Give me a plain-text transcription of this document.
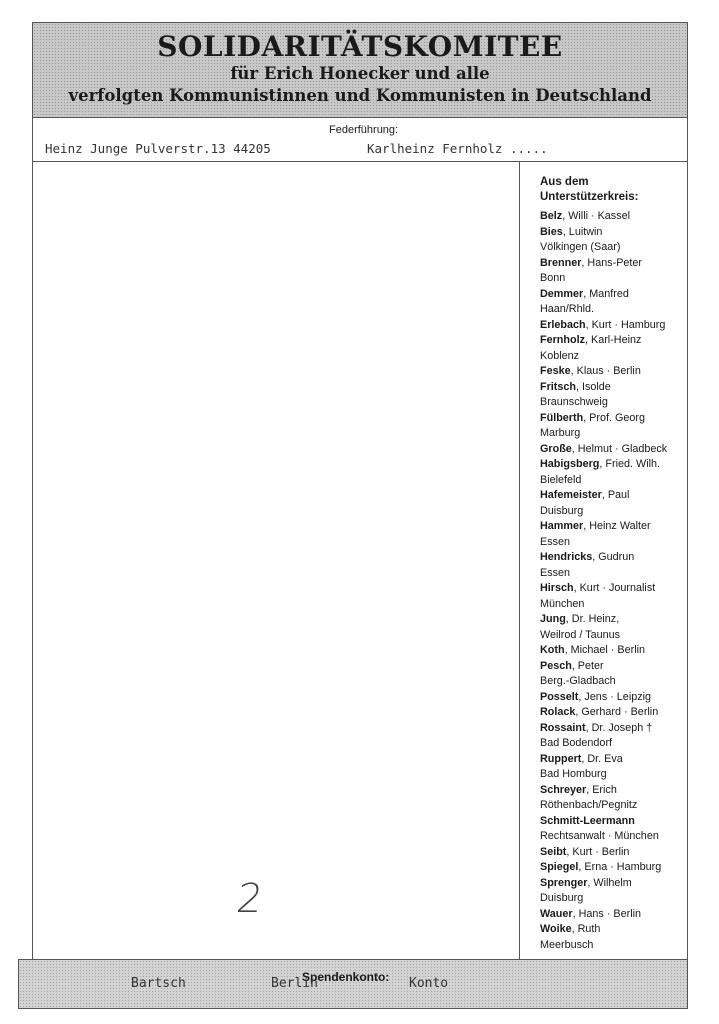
SOLIDARITÄTSKOMITEE
für Erich Honecker und alle
verfolgten Kommunistinnen und Kommunisten in Deutschland
Federführung:
Heinz Junge Pulverstr.13 44205	Karlheinz Fernholz .....
Aus dem
Unterstützerkreis:
Belz, Willi · Kassel
Bies, Luitwin
Völkingen (Saar)
Brenner, Hans-Peter
Bonn
Demmer, Manfred
Haan/Rhld.
Erlebach, Kurt · Hamburg
Fernholz, Karl-Heinz
Koblenz
Feske, Klaus · Berlin
Fritsch, Isolde
Braunschweig
Fülberth, Prof. Georg
Marburg
Große, Helmut · Gladbeck
Habigsberg, Fried. Wilh.
Bielefeld
Hafemeister, Paul
Duisburg
Hammer, Heinz Walter
Essen
Hendricks, Gudrun
Essen
Hirsch, Kurt · Journalist
München
Jung, Dr. Heinz,
Weilrod / Taunus
Koth, Michael · Berlin
Pesch, Peter
Berg.-Gladbach
Posselt, Jens · Leipzig
Rolack, Gerhard · Berlin
Rossaint, Dr. Joseph †
Bad Bodendorf
Ruppert, Dr. Eva
Bad Homburg
Schreyer, Erich
Röthenbach/Pegnitz
Schmitt-Leermann
Rechtsanwalt · München
Seibt, Kurt · Berlin
Spiegel, Erna · Hamburg
Sprenger, Wilhelm
Duisburg
Wauer, Hans · Berlin
Woike, Ruth
Meerbusch
2
Spendenkonto:
Bartsch	Berlin	Konto
